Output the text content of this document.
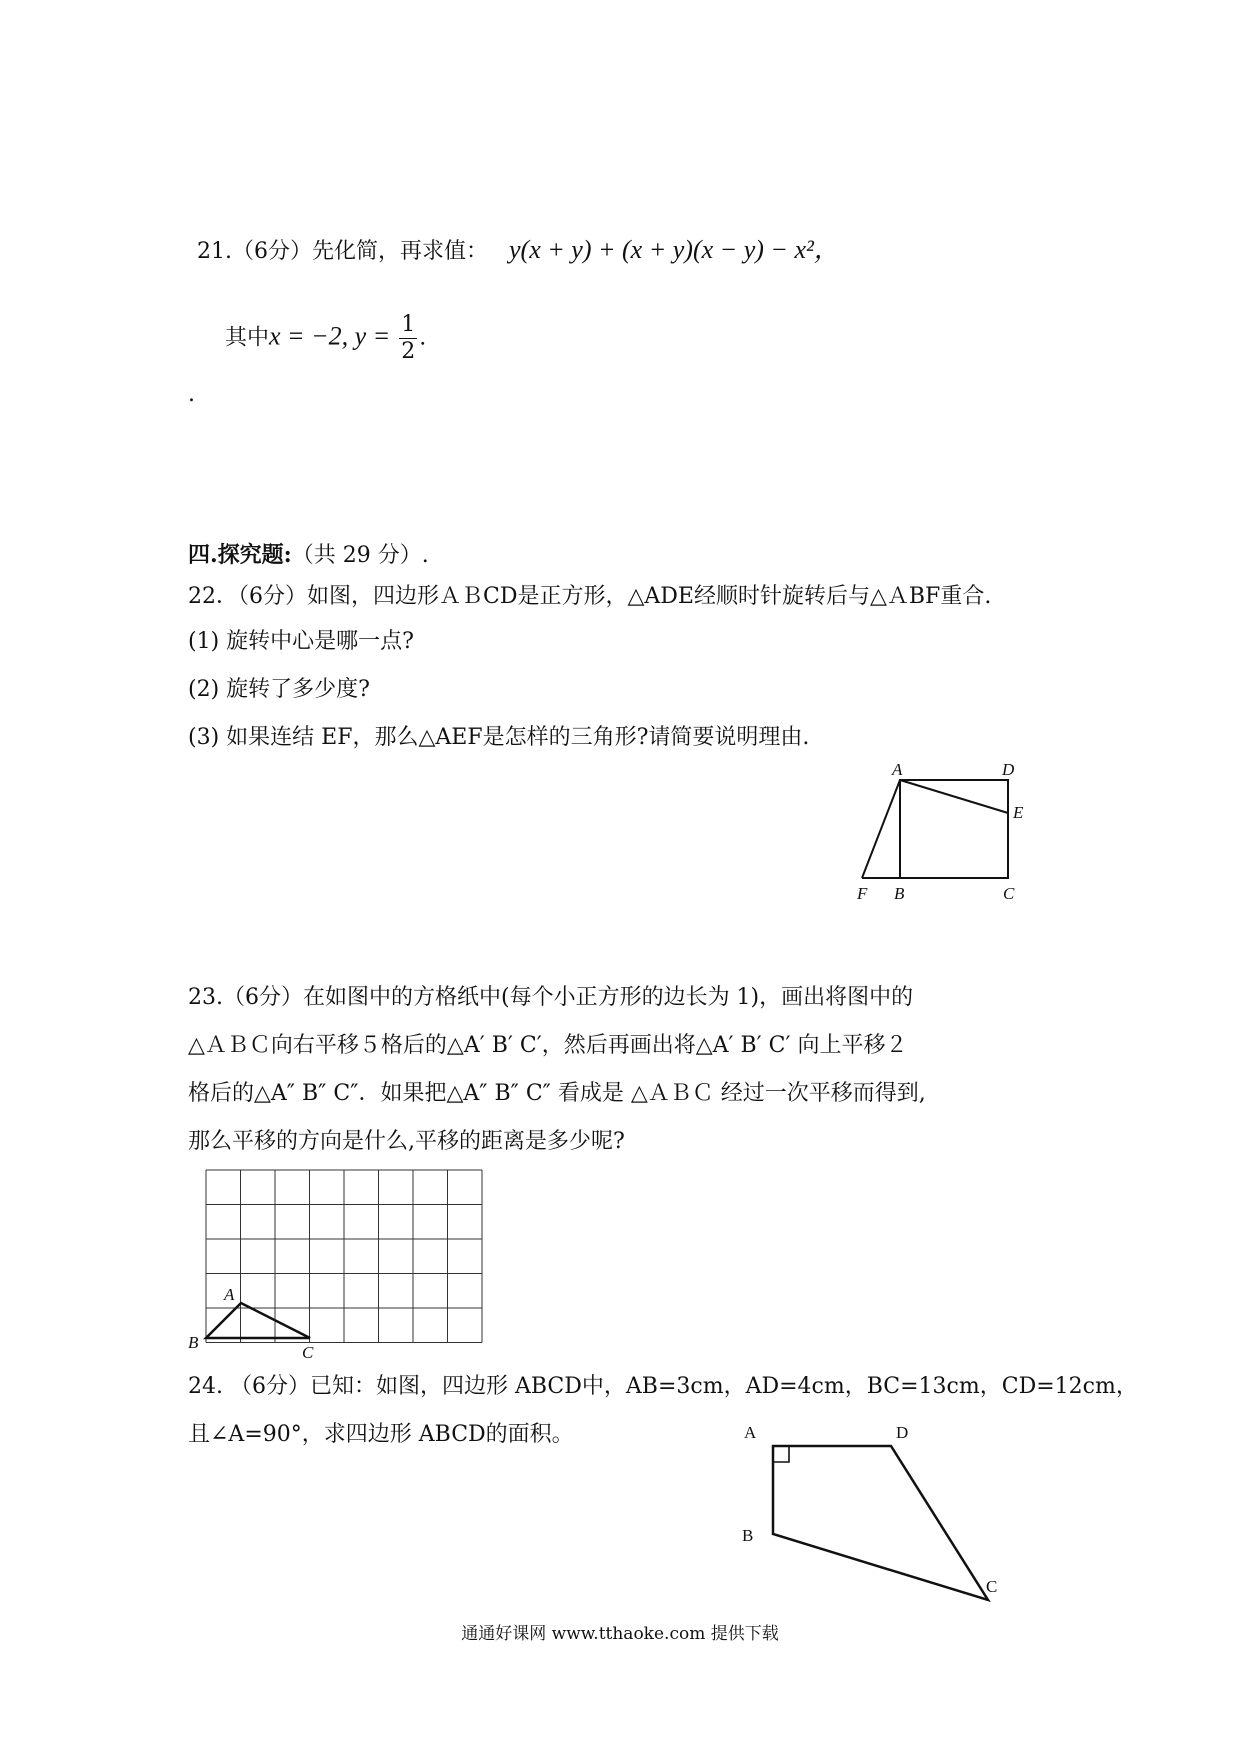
21.（6分）先化简，再求值： y(x + y) + (x + y)(x − y) − x²，
其中x = −2, $y = \frac{1}{2}$ .
.
四.探究题:（共 29 分）.
22．（6分）如图，四边形ＡＢCD是正方形，△ADE经顺时针旋转后与△ＡBF重合.
(1) 旋转中心是哪一点?
(2) 旋转了多少度?
(3) 如果连结 EF，那么△AEF是怎样的三角形?请简要说明理由.
A	D
E
F B	C
23.（6分）在如图中的方格纸中(每个小正方形的边长为 1)，画出将图中的
△ＡＢＣ向右平移５格后的△A′ B′ C′，然后再画出将△A′ B′ C′ 向上平移２
格后的△A″ B″ C″．如果把△A″ B″ C″ 看成是 △ＡＢＣ 经过一次平移而得到,
那么平移的方向是什么,平移的距离是多少呢?
A
B
C
24. （6分）已知：如图，四边形 ABCD中，AB=3cm，AD=4cm，BC=13cm，CD=12cm，
且∠A=90°，求四边形 ABCD的面积。	A	D
B
C
通通好课网 www.tthaoke.com 提供下载
